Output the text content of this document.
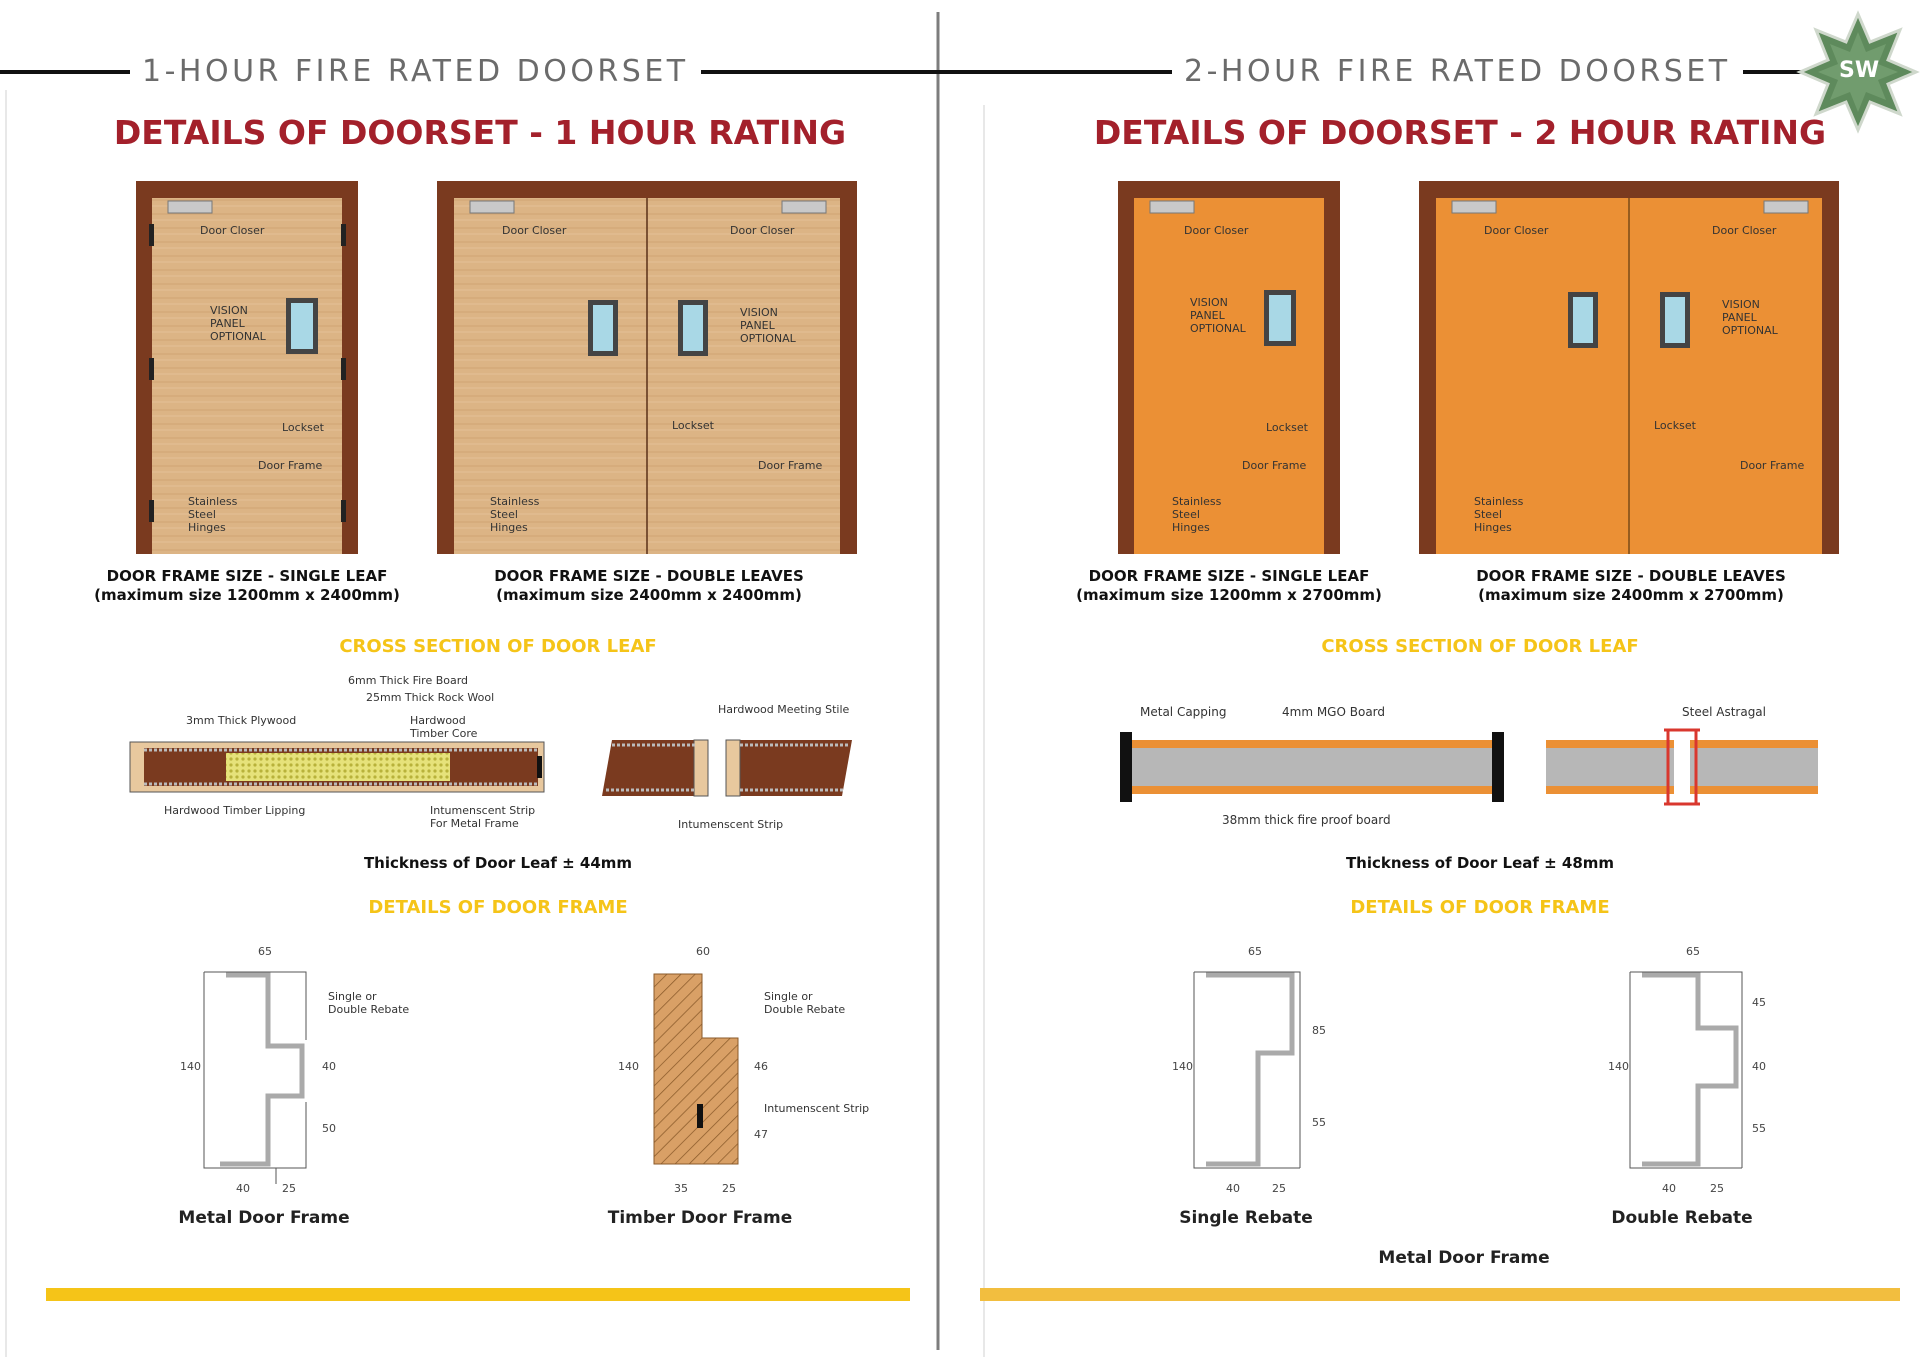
1-HOUR FIRE RATED DOORSET	2-HOUR FIRE RATED DOORSET	SW
DETAILS OF DOORSET - 1 HOUR RATING	DETAILS OF DOORSET - 2 HOUR RATING
Door Closer
VISION
PANEL
OPTIONAL
Lockset
Door Frame
Stainless
Steel
Hinges
Door Closer	Door Closer
VISION
PANEL
OPTIONAL
Lockset
Door Frame
Stainless
Steel
Hinges
Door Closer
VISION
PANEL
OPTIONAL
Lockset
Door Frame
Stainless
Steel
Hinges
Door Closer	Door Closer
VISION
PANEL
OPTIONAL
Lockset
Door Frame
Stainless
Steel
Hinges
DOOR FRAME SIZE - SINGLE LEAF
(maximum size 1200mm x 2400mm)
DOOR FRAME SIZE - DOUBLE LEAVES
(maximum size 2400mm x 2400mm)
DOOR FRAME SIZE - SINGLE LEAF
(maximum size 1200mm x 2700mm)
DOOR FRAME SIZE - DOUBLE LEAVES
(maximum size 2400mm x 2700mm)
CROSS SECTION OF DOOR LEAF	CROSS SECTION OF DOOR LEAF
6mm Thick Fire Board
25mm Thick Rock Wool
3mm Thick Plywood	Hardwood
Timber Core
Hardwood Timber Lipping	Intumenscent Strip
For Metal Frame
Hardwood Meeting Stile
Intumenscent Strip
Metal Capping	4mm MGO Board
38mm thick fire proof board
Steel Astragal
Thickness of Door Leaf ± 44mm	Thickness of Door Leaf ± 48mm
DETAILS OF DOOR FRAME	DETAILS OF DOOR FRAME
65
140	40
50
40	25
Single or
Double Rebate
60
140	46
47
35	25
Single or
Double Rebate
Intumenscent Strip
65
140
85
55
40	25
65
140
45
40
55
40	25
Metal Door Frame	Timber Door Frame	Single Rebate	Double Rebate
Metal Door Frame
